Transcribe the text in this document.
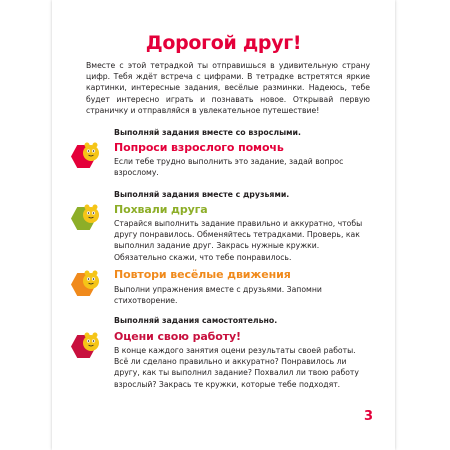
Дорогой друг!
Вместе с этой тетрадкой ты отправишься в удивительную страну цифр. Тебя ждёт встреча с цифрами. В тетрадке встретятся яркие картинки, интересные задания, весёлые разминки. Надеюсь, тебе будет интересно играть и познавать новое. Открывай первую страничку и отправляйся в увлекательное путешествие!
Выполняй задания вместе со взрослыми.
Попроси взрослого помочь
Если тебе трудно выполнить это задание, задай вопрос взрослому.
Выполняй задания вместе с друзьями.
Похвали друга
Старайся выполнить задание правильно и аккуратно, чтобы другу понравилось. Обменяйтесь тетрадками. Проверь, как выполнил задание друг. Закрась нужные кружки. Обязательно скажи, что тебе понравилось.
Повтори весёлые движения
Выполни упражнения вместе с друзьями. Запомни стихотворение.
Выполняй задания самостоятельно.
Оцени свою работу!
В конце каждого занятия оцени результаты своей работы. Всё ли сделано правильно и аккуратно? Понравилось ли другу, как ты выполнил задание? Похвалил ли твою работу взрослый? Закрась те кружки, которые тебе подходят.
3
